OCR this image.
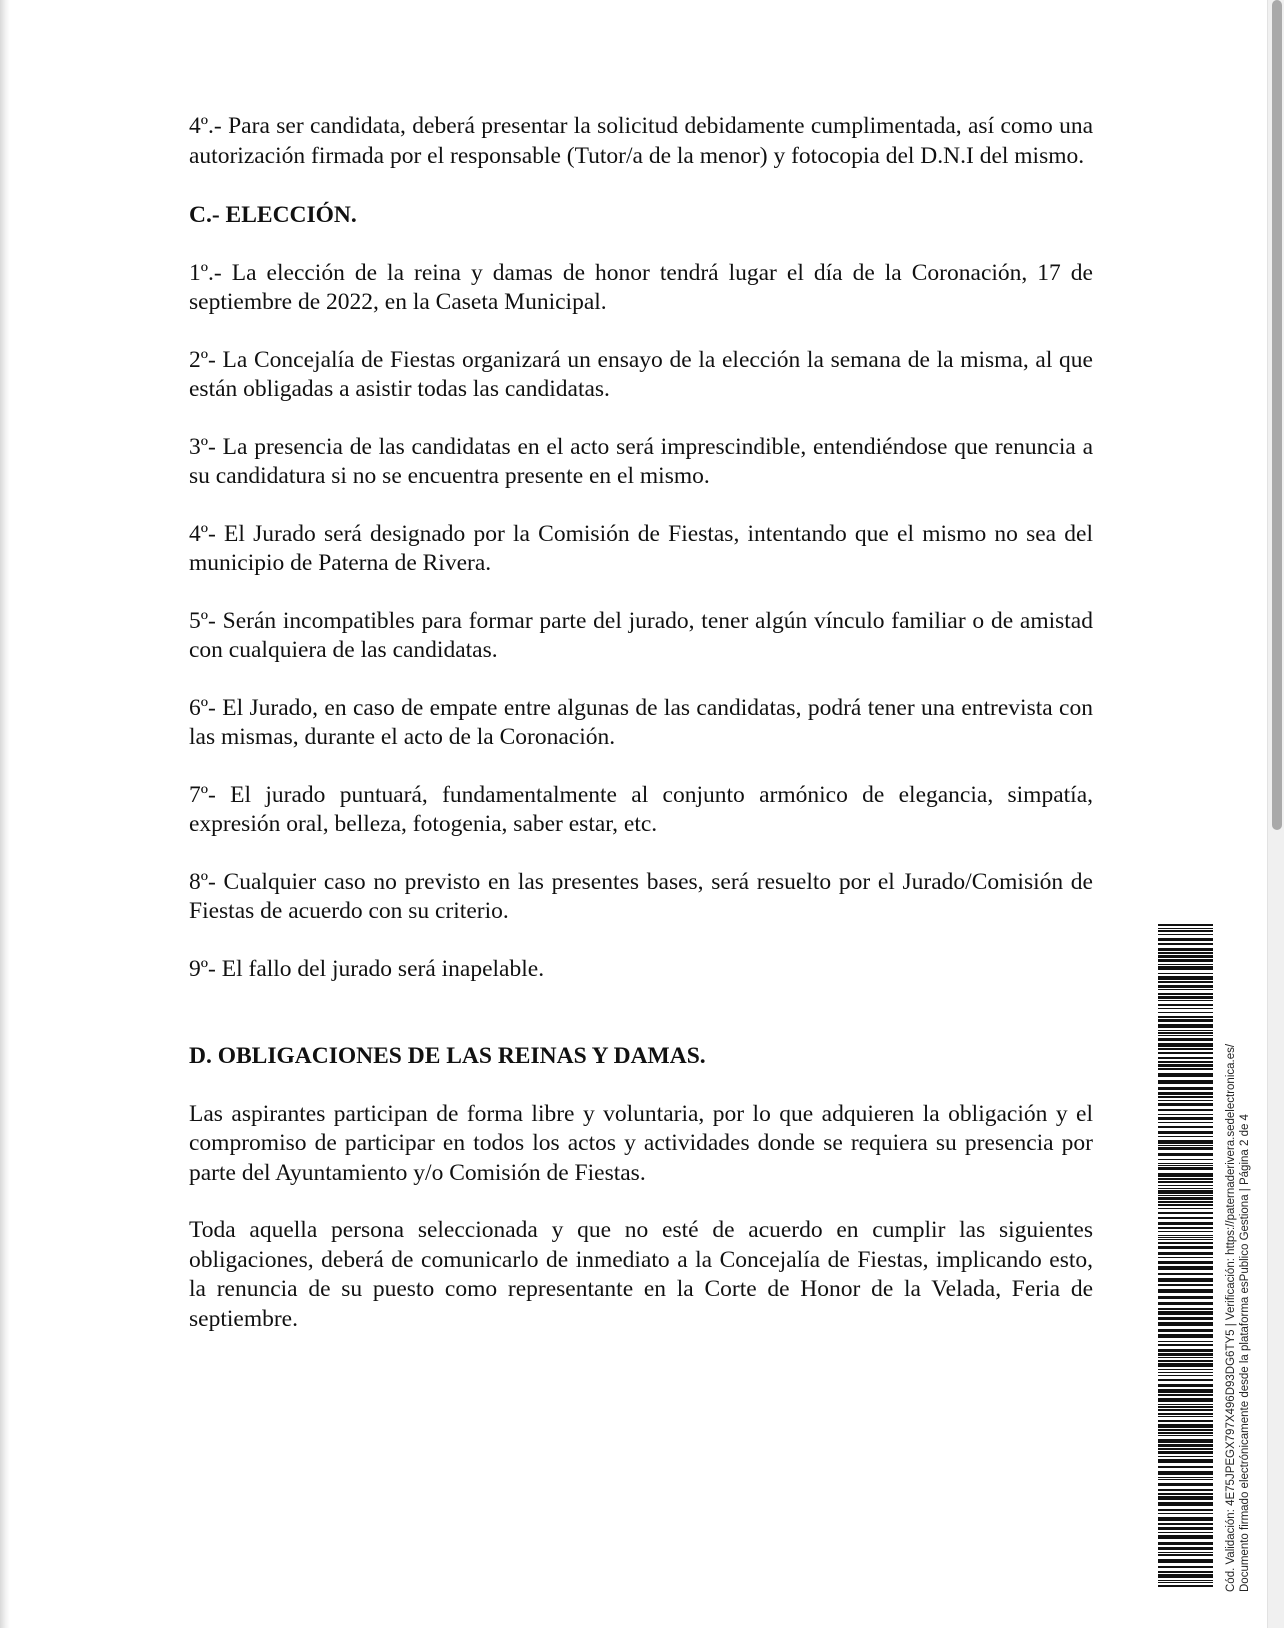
4º.- Para ser candidata, deberá presentar la solicitud debidamente cumplimentada, así como una autorización firmada por el responsable (Tutor/a de la menor) y fotocopia del D.N.I del mismo.

C.- ELECCIÓN.

1º.- La elección de la reina y damas de honor tendrá lugar el día de la Coronación, 17 de septiembre de 2022, en la Caseta Municipal.

2º- La Concejalía de Fiestas organizará un ensayo de la elección la semana de la misma, al que están obligadas a asistir todas las candidatas.

3º- La presencia de las candidatas en el acto será imprescindible, entendiéndose que renuncia a su candidatura si no se encuentra presente en el mismo.

4º- El Jurado será designado por la Comisión de Fiestas, intentando que el mismo no sea del municipio de Paterna de Rivera.

5º- Serán incompatibles para formar parte del jurado, tener algún vínculo familiar o de amistad con cualquiera de las candidatas.

6º- El Jurado, en caso de empate entre algunas de las candidatas, podrá tener una entrevista con las mismas, durante el acto de la Coronación.

7º- El jurado puntuará, fundamentalmente al conjunto armónico de elegancia, simpatía, expresión oral, belleza, fotogenia, saber estar, etc.

8º- Cualquier caso no previsto en las presentes bases, será resuelto por el Jurado/Comisión de Fiestas de acuerdo con su criterio.

9º- El fallo del jurado será inapelable.

D. OBLIGACIONES DE LAS REINAS Y DAMAS.

Las aspirantes participan de forma libre y voluntaria, por lo que adquieren la obligación y el compromiso de participar en todos los actos y actividades donde se requiera su presencia por parte del Ayuntamiento y/o Comisión de Fiestas.

Toda aquella persona seleccionada y que no esté de acuerdo en cumplir las siguientes obligaciones, deberá de comunicarlo de inmediato a la Concejalía de Fiestas, implicando esto, la renuncia de su puesto como representante en la Corte de Honor de la Velada, Feria de septiembre.	Cód. Validación: 4E75JPEGX797X496D93DG6TY5 | Verificación: https://paternaderivera.sedelectronica.es/ Documento firmado electrónicamente desde la plataforma esPublico Gestiona | Página 2 de 4
